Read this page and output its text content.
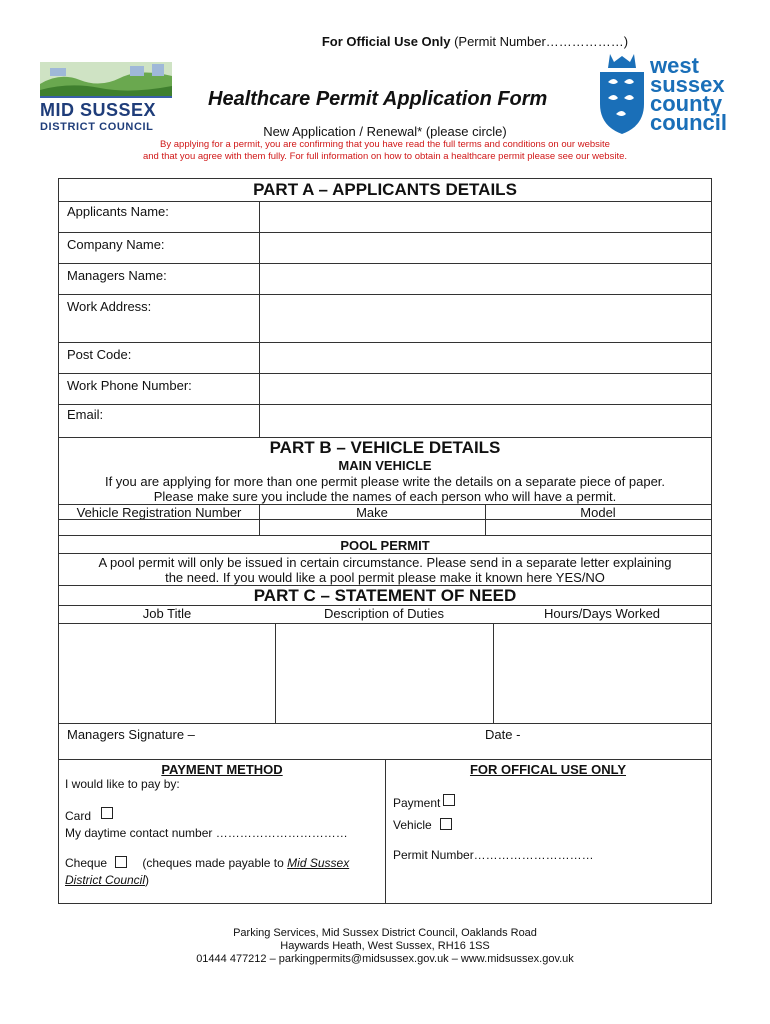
For Official Use Only (Permit Number………………)
MID SUSSEX
DISTRICT COUNCIL
Healthcare Permit Application Form
west
sussex
county
council
New Application / Renewal* (please circle)
By applying for a permit, you are confirming that you have read the full terms and conditions on our website
and that you agree with them fully. For full information on how to obtain a healthcare permit please see our website.
PART A – APPLICANTS DETAILS
Applicants Name:
Company Name:
Managers Name:
Work Address:
Post Code:
Work Phone Number:
Email:
PART B – VEHICLE DETAILS
MAIN VEHICLE
If you are applying for more than one permit please write the details on a separate piece of paper.
Please make sure you include the names of each person who will have a permit.
Vehicle Registration Number	Make	Model
POOL PERMIT
A pool permit will only be issued in certain circumstance. Please send in a separate letter explaining
the need. If you would like a pool permit please make it known here YES/NO
PART C – STATEMENT OF NEED
Job Title	Description of Duties	Hours/Days Worked
Managers Signature –	Date -
PAYMENT METHOD
I would like to pay by:
Card
My daytime contact number ……………………………
Cheque	(cheques made payable to Mid Sussex
District Council)
FOR OFFICAL USE ONLY
Payment
Vehicle
Permit Number…………………………
Parking Services, Mid Sussex District Council, Oaklands Road
Haywards Heath, West Sussex, RH16 1SS
01444 477212 – parkingpermits@midsussex.gov.uk – www.midsussex.gov.uk
